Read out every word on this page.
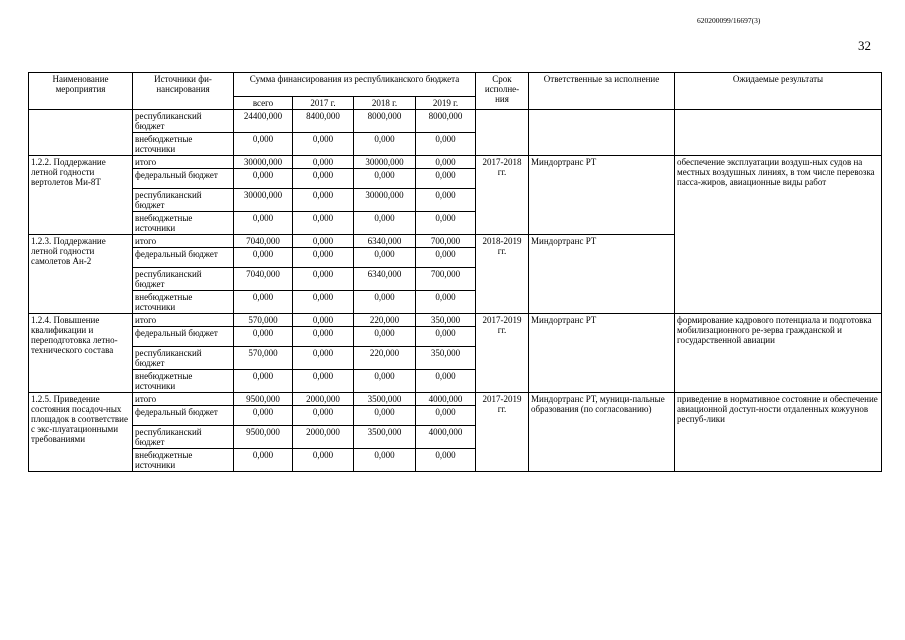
620200099/16697(3)
32
Наименование мероприятия	Источники фи-нансирования	Сумма финансирования из республиканского бюджета				Срок исполне-ния	Ответственные за исполнение	Ожидаемые результаты
		всего	2017 г.	2018 г.	2019 г.			
	республиканский бюджет	24400,000	8400,000	8000,000	8000,000			
	внебюджетные источники	0,000	0,000	0,000	0,000			
1.2.2. Поддержание летной годности вертолетов Ми-8Т	итого	30000,000	0,000	30000,000	0,000	2017-2018 гг.	Миндортранс РТ	обеспечение эксплуатации воздуш-ных судов на местных воздушных линиях, в том числе перевозка пасса-жиров, авиационные виды работ
	федеральный бюджет	0,000	0,000	0,000	0,000			
	республиканский бюджет	30000,000	0,000	30000,000	0,000			
	внебюджетные источники	0,000	0,000	0,000	0,000			
1.2.3. Поддержание летной годности самолетов Ан-2	итого	7040,000	0,000	6340,000	700,000	2018-2019 гг.	Миндортранс РТ	
	федеральный бюджет	0,000	0,000	0,000	0,000			
	республиканский бюджет	7040,000	0,000	6340,000	700,000			
	внебюджетные источники	0,000	0,000	0,000	0,000			
1.2.4. Повышение квалификации и переподготовка летно-технического состава	итого	570,000	0,000	220,000	350,000	2017-2019 гг.	Миндортранс РТ	формирование кадрового потенциала и подготовка мобилизационного ре-зерва гражданской и государственной авиации
	федеральный бюджет	0,000	0,000	0,000	0,000			
	республиканский бюджет	570,000	0,000	220,000	350,000			
	внебюджетные источники	0,000	0,000	0,000	0,000			
1.2.5. Приведение состояния посадоч-ных площадок в соответствие с экс-плуатационными требованиями	итого	9500,000	2000,000	3500,000	4000,000	2017-2019 гг.	Миндортранс РТ, муници-пальные образования (по согласованию)	приведение в нормативное состояние и обеспечение авиационной доступ-ности отдаленных кожуунов респуб-лики
	федеральный бюджет	0,000	0,000	0,000	0,000			
	республиканский бюджет	9500,000	2000,000	3500,000	4000,000			
	внебюджетные источники	0,000	0,000	0,000	0,000			
